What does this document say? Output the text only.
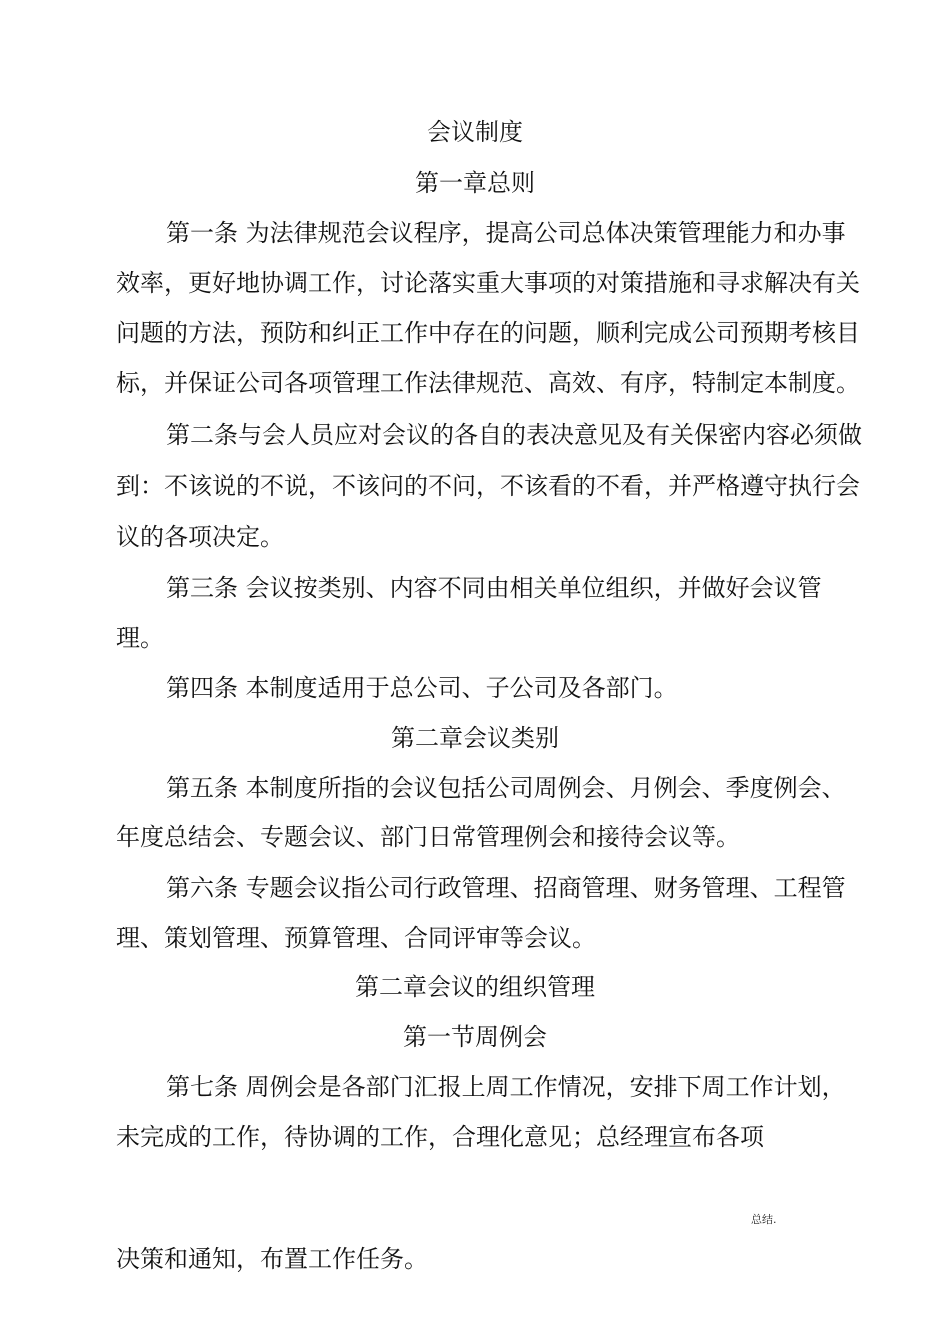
会议制度

第一章总则

第一条 为法律规范会议程序，提高公司总体决策管理能力和办事

效率，更好地协调工作，讨论落实重大事项的对策措施和寻求解决有关

问题的方法，预防和纠正工作中存在的问题，顺利完成公司预期考核目

标，并保证公司各项管理工作法律规范、高效、有序，特制定本制度。

第二条与会人员应对会议的各自的表决意见及有关保密内容必须做

到：不该说的不说，不该问的不问，不该看的不看，并严格遵守执行会

议的各项决定。

第三条 会议按类别、内容不同由相关单位组织，并做好会议管

理。

第四条 本制度适用于总公司、子公司及各部门。

第二章会议类别

第五条 本制度所指的会议包括公司周例会、月例会、季度例会、

年度总结会、专题会议、部门日常管理例会和接待会议等。

第六条 专题会议指公司行政管理、招商管理、财务管理、工程管

理、策划管理、预算管理、合同评审等会议。

第二章会议的组织管理

第一节周例会

第七条 周例会是各部门汇报上周工作情况，安排下周工作计划，

未完成的工作，待协调的工作，合理化意见；总经理宣布各项

总结.

决策和通知，布置工作任务。
